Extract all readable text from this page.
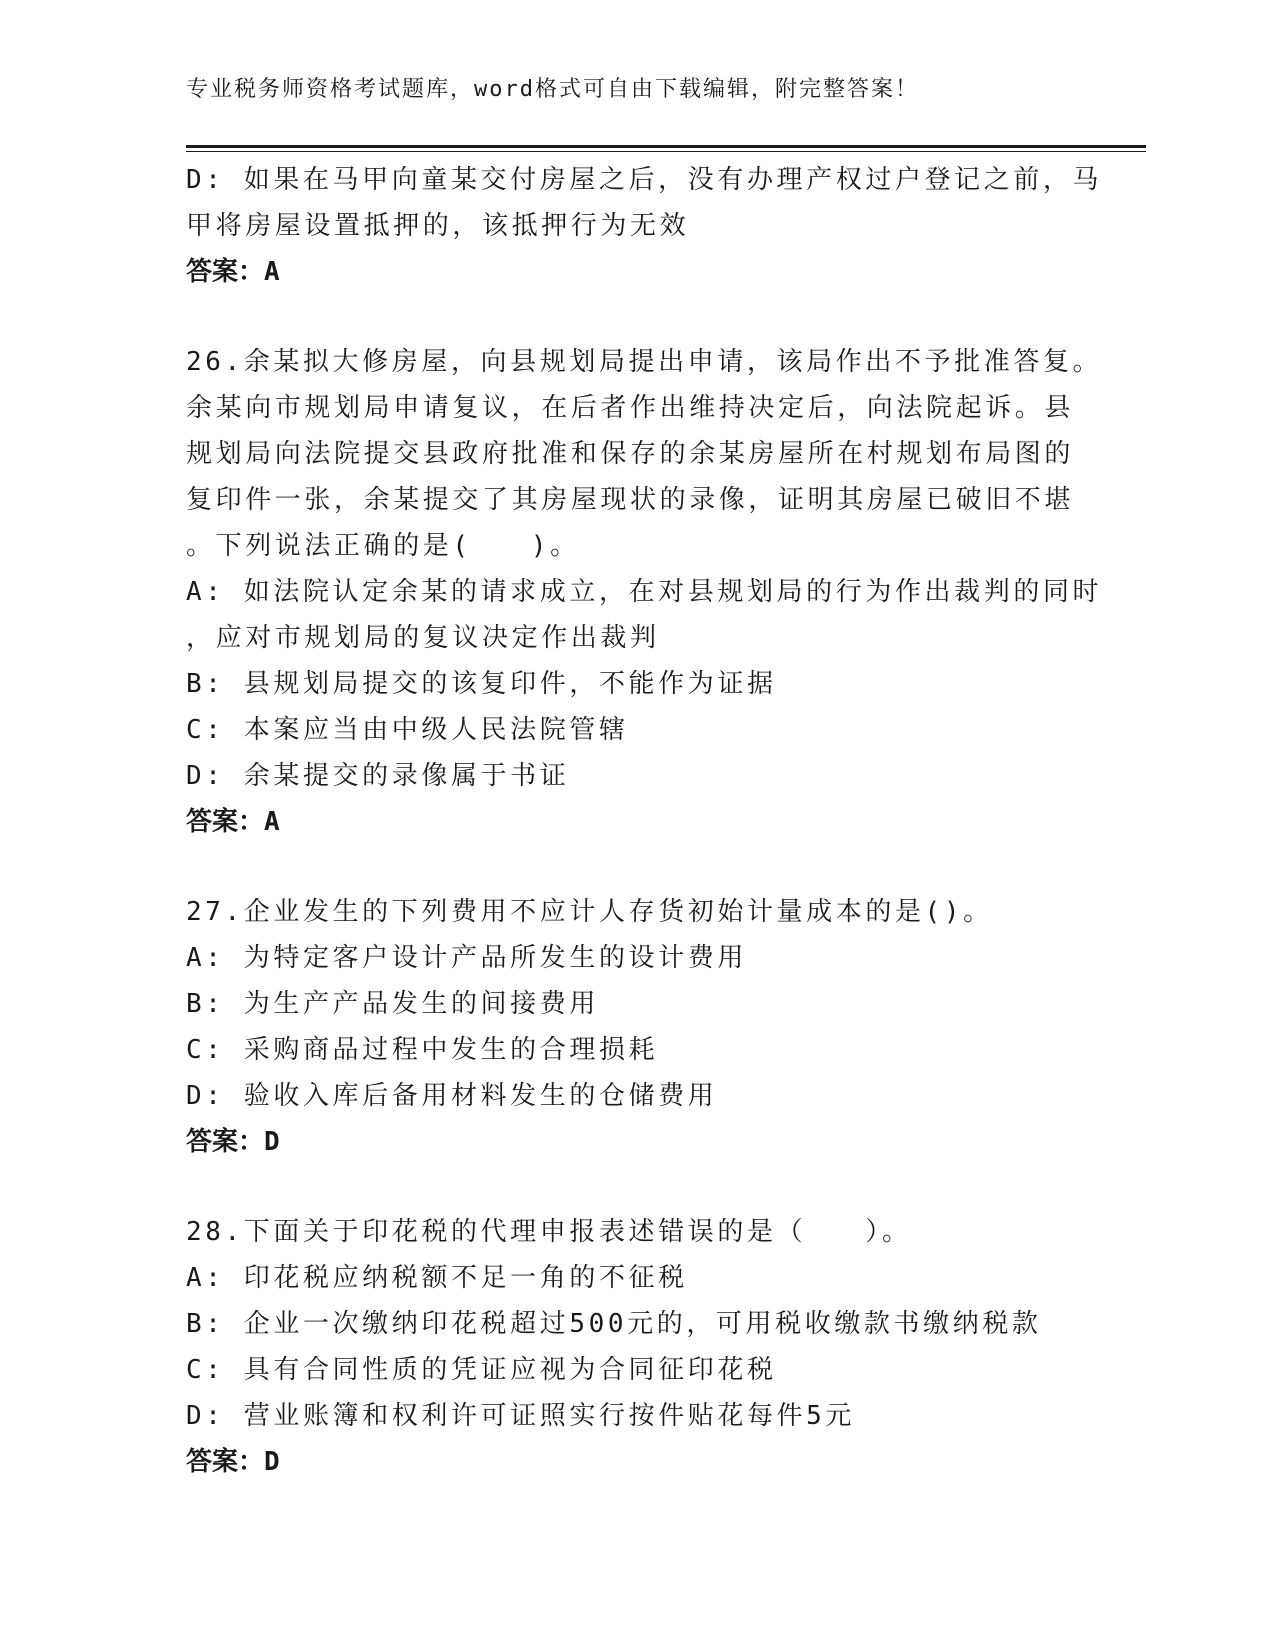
专业税务师资格考试题库，word格式可自由下载编辑，附完整答案！
D: 如果在马甲向童某交付房屋之后，没有办理产权过户登记之前，马
甲将房屋设置抵押的，该抵押行为无效
答案：A
26.余某拟大修房屋，向县规划局提出申请，该局作出不予批准答复。
余某向市规划局申请复议，在后者作出维持决定后，向法院起诉。县
规划局向法院提交县政府批准和保存的余某房屋所在村规划布局图的
复印件一张，余某提交了其房屋现状的录像，证明其房屋已破旧不堪
。下列说法正确的是(　　)。
A: 如法院认定余某的请求成立，在对县规划局的行为作出裁判的同时
，应对市规划局的复议决定作出裁判
B: 县规划局提交的该复印件，不能作为证据
C: 本案应当由中级人民法院管辖
D: 余某提交的录像属于书证
答案：A
27.企业发生的下列费用不应计人存货初始计量成本的是()。
A: 为特定客户设计产品所发生的设计费用
B: 为生产产品发生的间接费用
C: 采购商品过程中发生的合理损耗
D: 验收入库后备用材料发生的仓储费用
答案：D
28.下面关于印花税的代理申报表述错误的是（　　）。
A: 印花税应纳税额不足一角的不征税
B: 企业一次缴纳印花税超过500元的，可用税收缴款书缴纳税款
C: 具有合同性质的凭证应视为合同征印花税
D: 营业账簿和权利许可证照实行按件贴花每件5元
答案：D
